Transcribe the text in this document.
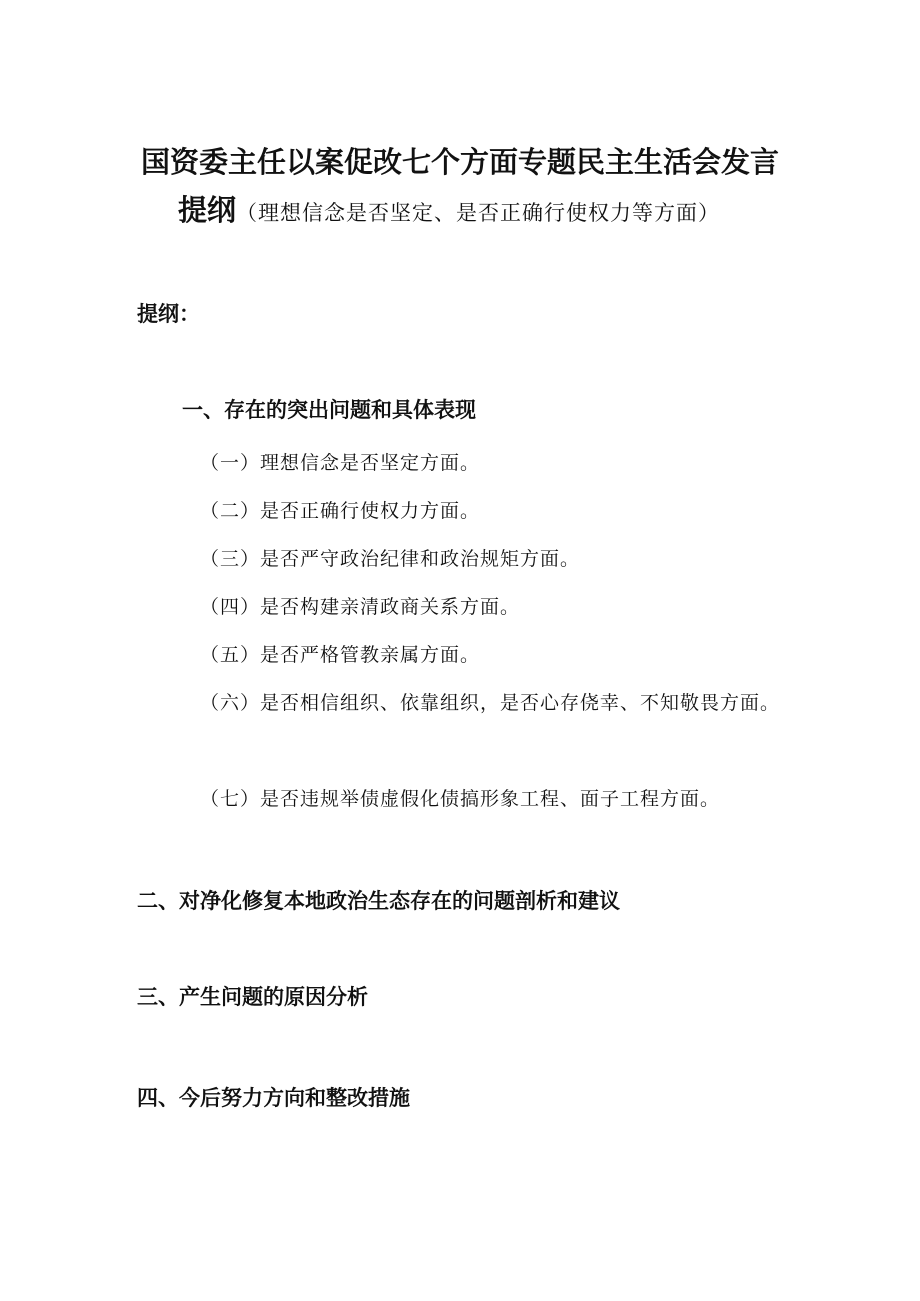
国资委主任以案促改七个方面专题民主生活会发言
提纲（理想信念是否坚定、是否正确行使权力等方面）
提纲：
一、存在的突出问题和具体表现
（一）理想信念是否坚定方面。
（二）是否正确行使权力方面。
（三）是否严守政治纪律和政治规矩方面。
（四）是否构建亲清政商关系方面。
（五）是否严格管教亲属方面。
（六）是否相信组织、依靠组织，是否心存侥幸、不知敬畏方面。
（七）是否违规举债虚假化债搞形象工程、面子工程方面。
二、对净化修复本地政治生态存在的问题剖析和建议
三、产生问题的原因分析
四、今后努力方向和整改措施
